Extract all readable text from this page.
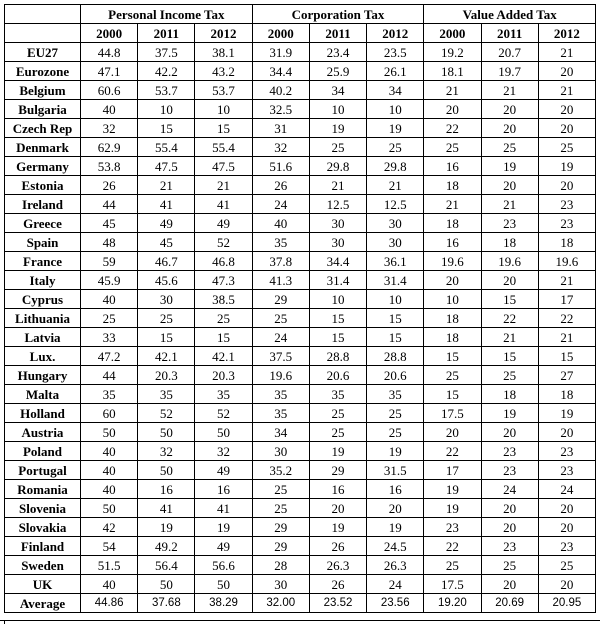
	Personal Income Tax			Corporation Tax			Value Added Tax		
	2000	2011	2012	2000	2011	2012	2000	2011	2012
EU27	44.8	37.5	38.1	31.9	23.4	23.5	19.2	20.7	21
Eurozone	47.1	42.2	43.2	34.4	25.9	26.1	18.1	19.7	20
Belgium	60.6	53.7	53.7	40.2	34	34	21	21	21
Bulgaria	40	10	10	32.5	10	10	20	20	20
Czech Rep	32	15	15	31	19	19	22	20	20
Denmark	62.9	55.4	55.4	32	25	25	25	25	25
Germany	53.8	47.5	47.5	51.6	29.8	29.8	16	19	19
Estonia	26	21	21	26	21	21	18	20	20
Ireland	44	41	41	24	12.5	12.5	21	21	23
Greece	45	49	49	40	30	30	18	23	23
Spain	48	45	52	35	30	30	16	18	18
France	59	46.7	46.8	37.8	34.4	36.1	19.6	19.6	19.6
Italy	45.9	45.6	47.3	41.3	31.4	31.4	20	20	21
Cyprus	40	30	38.5	29	10	10	10	15	17
Lithuania	25	25	25	25	15	15	18	22	22
Latvia	33	15	15	24	15	15	18	21	21
Lux.	47.2	42.1	42.1	37.5	28.8	28.8	15	15	15
Hungary	44	20.3	20.3	19.6	20.6	20.6	25	25	27
Malta	35	35	35	35	35	35	15	18	18
Holland	60	52	52	35	25	25	17.5	19	19
Austria	50	50	50	34	25	25	20	20	20
Poland	40	32	32	30	19	19	22	23	23
Portugal	40	50	49	35.2	29	31.5	17	23	23
Romania	40	16	16	25	16	16	19	24	24
Slovenia	50	41	41	25	20	20	19	20	20
Slovakia	42	19	19	29	19	19	23	20	20
Finland	54	49.2	49	29	26	24.5	22	23	23
Sweden	51.5	56.4	56.6	28	26.3	26.3	25	25	25
UK	40	50	50	30	26	24	17.5	20	20
Average	44.86	37.68	38.29	32.00	23.52	23.56	19.20	20.69	20.95
